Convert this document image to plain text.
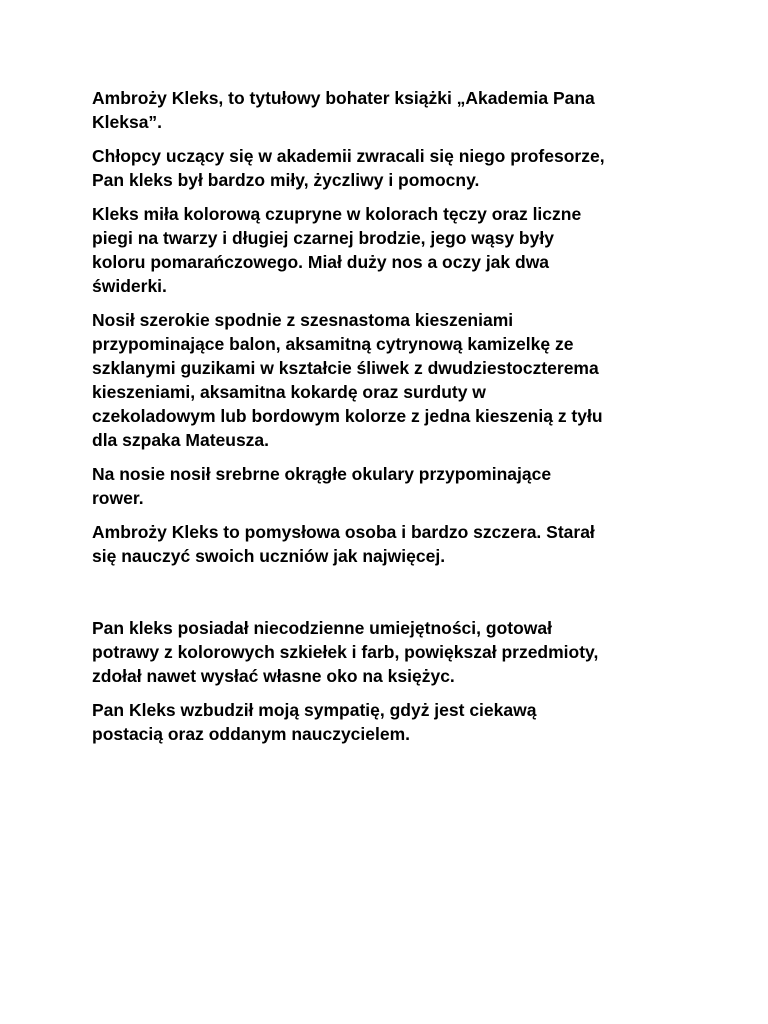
Ambroży Kleks, to tytułowy bohater książki „Akademia Pana
Kleksa”.

Chłopcy uczący się w akademii zwracali się niego profesorze,
Pan kleks był bardzo miły, życzliwy i pomocny.

Kleks miła kolorową czupryne w kolorach tęczy oraz liczne
piegi na twarzy i długiej czarnej brodzie, jego wąsy były
koloru pomarańczowego. Miał duży nos a oczy jak dwa
świderki.

Nosił szerokie spodnie z szesnastoma kieszeniami
przypominające balon, aksamitną cytrynową kamizelkę ze
szklanymi guzikami w kształcie śliwek z dwudziestoczterema
kieszeniami, aksamitna kokardę oraz surduty w
czekoladowym lub bordowym kolorze z jedna kieszenią z tyłu
dla szpaka Mateusza.

Na nosie nosił srebrne okrągłe okulary przypominające
rower.

Ambroży Kleks to pomysłowa osoba i bardzo szczera. Starał
się nauczyć swoich uczniów jak najwięcej.

Pan kleks posiadał niecodzienne umiejętności, gotował
potrawy z kolorowych szkiełek i farb, powiększał przedmioty,
zdołał nawet wysłać własne oko na księżyc.

Pan Kleks wzbudził moją sympatię, gdyż jest ciekawą
postacią oraz oddanym nauczycielem.
